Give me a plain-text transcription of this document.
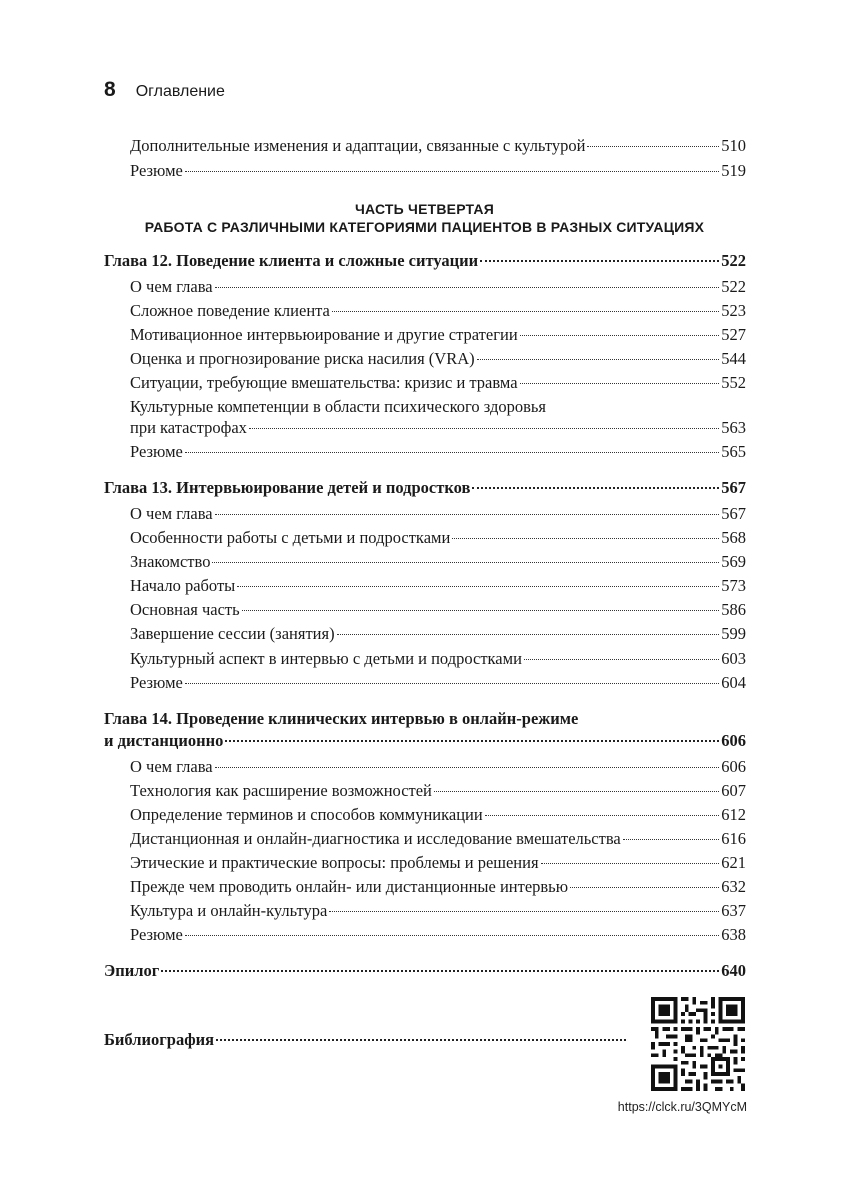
8 Оглавление
Дополнительные изменения и адаптации, связанные с культурой	510
Резюме	519
ЧАСТЬ ЧЕТВЕРТАЯ
РАБОТА С РАЗЛИЧНЫМИ КАТЕГОРИЯМИ ПАЦИЕНТОВ В РАЗНЫХ СИТУАЦИЯХ
Глава 12. Поведение клиента и сложные ситуации	522
О чем глава	522
Сложное поведение клиента	523
Мотивационное интервьюирование и другие стратегии	527
Оценка и прогнозирование риска насилия (VRA)	544
Ситуации, требующие вмешательства: кризис и травма	552
Культурные компетенции в области психического здоровья
при катастрофах	563
Резюме	565
Глава 13. Интервьюирование детей и подростков	567
О чем глава	567
Особенности работы с детьми и подростками	568
Знакомство	569
Начало работы	573
Основная часть	586
Завершение сессии (занятия)	599
Культурный аспект в интервью с детьми и подростками	603
Резюме	604
Глава 14. Проведение клинических интервью в онлайн-режиме
и дистанционно	606
О чем глава	606
Технология как расширение возможностей	607
Определение терминов и способов коммуникации	612
Дистанционная и онлайн-диагностика и исследование вмешательства	616
Этические и практические вопросы: проблемы и решения	621
Прежде чем проводить онлайн- или дистанционные интервью	632
Культура и онлайн-культура	637
Резюме	638
Эпилог	640
Библиография
https://clck.ru/3QMYcM
